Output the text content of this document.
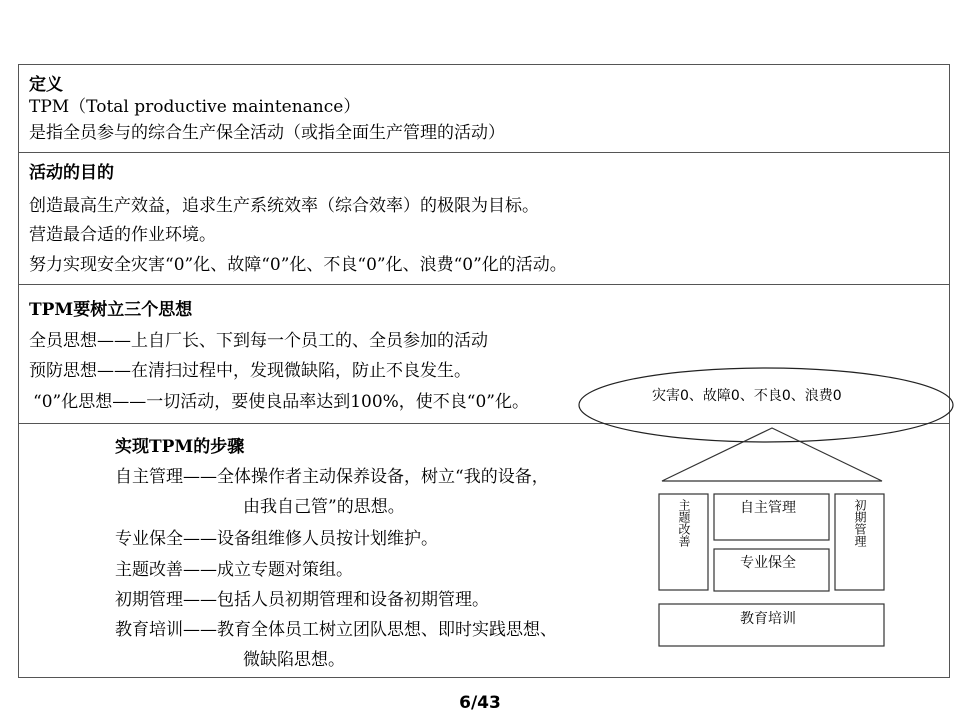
定义
TPM（Total productive maintenance）
是指全员参与的综合生产保全活动（或指全面生产管理的活动）
活动的目的
创造最高生产效益，追求生产系统效率（综合效率）的极限为目标。
营造最合适的作业环境。
努力实现安全灾害“0”化、故障“0”化、不良“0”化、浪费“0”化的活动。
TPM要树立三个思想
全员思想——上自厂长、下到每一个员工的、全员参加的活动
预防思想——在清扫过程中，发现微缺陷，防止不良发生。
“0”化思想——一切活动，要使良品率达到100%，使不良“0”化。
实现TPM的步骤
自主管理——全体操作者主动保养设备，树立“我的设备，
由我自己管”的思想。
专业保全——设备组维修人员按计划维护。
主题改善——成立专题对策组。
初期管理——包括人员初期管理和设备初期管理。
教育培训——教育全体员工树立团队思想、即时实践思想、
微缺陷思想。
灾害0、故障0、不良0、浪费0
主题改善	初期管理
自主管理
专业保全
教育培训
6/43
